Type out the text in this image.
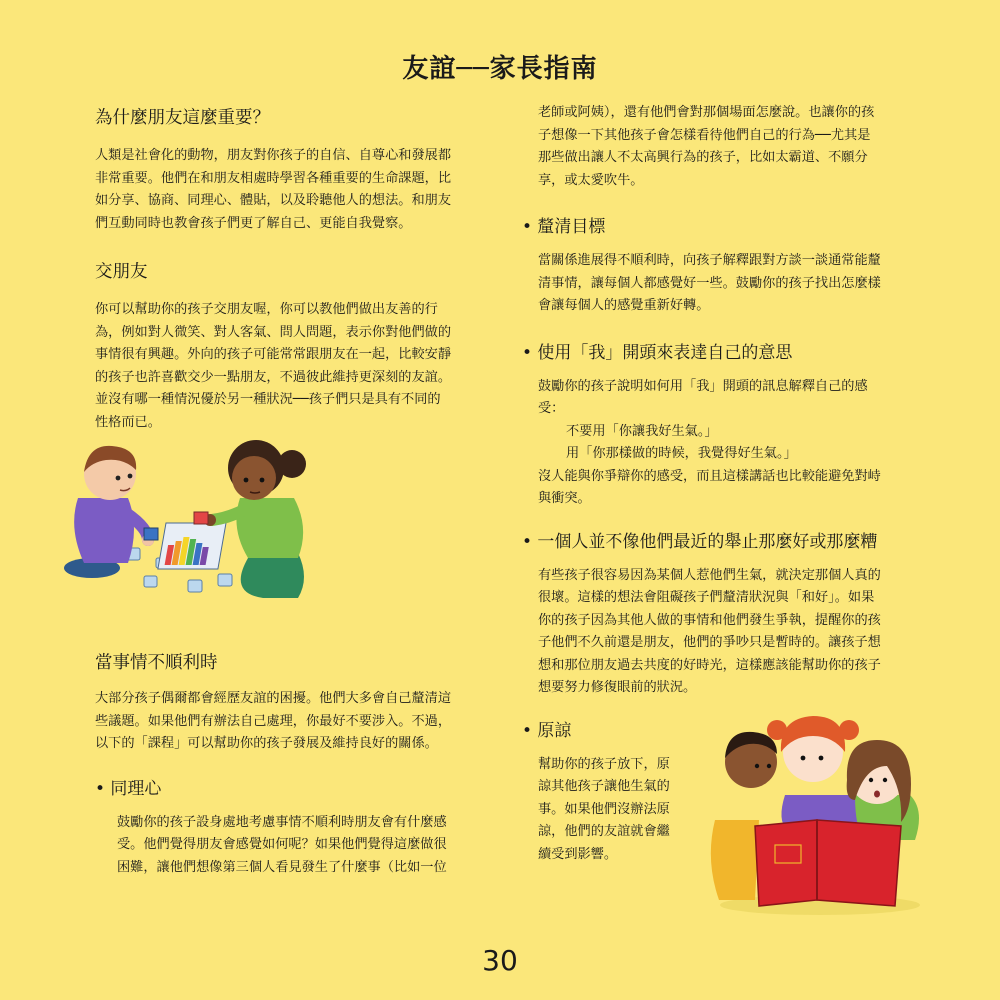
友誼──家長指南
為什麼朋友這麼重要？

人類是社會化的動物，朋友對你孩子的自信、自尊心和發展都

非常重要。他們在和朋友相處時學習各種重要的生命課題，比

如分享、協商、同理心、體貼，以及聆聽他人的想法。和朋友

們互動同時也教會孩子們更了解自己、更能自我覺察。

交朋友

你可以幫助你的孩子交朋友喔，你可以教他們做出友善的行

為，例如對人微笑、對人客氣、問人問題，表示你對他們做的

事情很有興趣。外向的孩子可能常常跟朋友在一起，比較安靜

的孩子也許喜歡交少一點朋友，不過彼此維持更深刻的友誼。

並沒有哪一種情況優於另一種狀況──孩子們只是具有不同的

性格而已。

當事情不順利時

大部分孩子偶爾都會經歷友誼的困擾。他們大多會自己釐清這

些議題。如果他們有辦法自己處理，你最好不要涉入。不過，

以下的「課程」可以幫助你的孩子發展及維持良好的關係。

• 同理心

鼓勵你的孩子設身處地考慮事情不順利時朋友會有什麼感

受。他們覺得朋友會感覺如何呢？如果他們覺得這麼做很

困難，讓他們想像第三個人看見發生了什麼事（比如一位

老師或阿姨），還有他們會對那個場面怎麼說。也讓你的孩

子想像一下其他孩子會怎樣看待他們自己的行為──尤其是

那些做出讓人不太高興行為的孩子，比如太霸道、不願分

享，或太愛吹牛。

• 釐清目標

當關係進展得不順利時，向孩子解釋跟對方談一談通常能釐

清事情，讓每個人都感覺好一些。鼓勵你的孩子找出怎麼樣

會讓每個人的感覺重新好轉。

• 使用「我」開頭來表達自己的意思

鼓勵你的孩子說明如何用「我」開頭的訊息解釋自己的感

受：

不要用「你讓我好生氣。」

用「你那樣做的時候，我覺得好生氣。」

沒人能與你爭辯你的感受，而且這樣講話也比較能避免對峙

與衝突。

• 一個人並不像他們最近的舉止那麼好或那麼糟

有些孩子很容易因為某個人惹他們生氣，就決定那個人真的

很壞。這樣的想法會阻礙孩子們釐清狀況與「和好」。如果

你的孩子因為其他人做的事情和他們發生爭執，提醒你的孩

子他們不久前還是朋友，他們的爭吵只是暫時的。讓孩子想

想和那位朋友過去共度的好時光，這樣應該能幫助你的孩子

想要努力修復眼前的狀況。

• 原諒

幫助你的孩子放下，原

諒其他孩子讓他生氣的

事。如果他們沒辦法原

諒，他們的友誼就會繼

續受到影響。

30
